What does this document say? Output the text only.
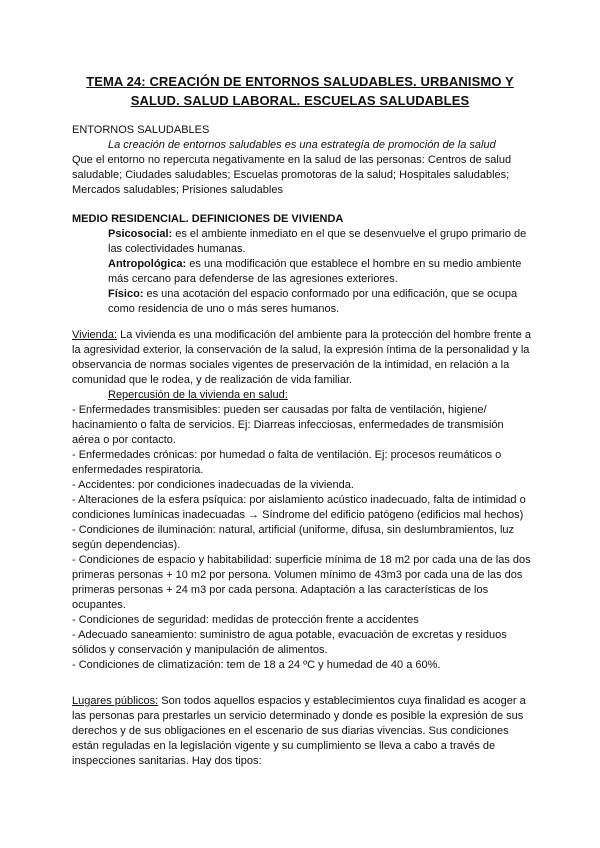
TEMA 24: CREACIÓN DE ENTORNOS SALUDABLES. URBANISMO Y SALUD. SALUD LABORAL. ESCUELAS SALUDABLES

ENTORNOS SALUDABLES

La creación de entornos saludables es una estrategía de promoción de la salud

Que el entorno no repercuta negativamente en la salud de las personas: Centros de salud saludable; Ciudades saludables; Escuelas promotoras de la salud; Hospitales saludables; Mercados saludables; Prisiones saludables

MEDIO RESIDENCIAL. DEFINICIONES DE VIVIENDA

Psicosocial: es el ambiente inmediato en el que se desenvuelve el grupo primario de las colectividades humanas.

Antropológica: es una modificación que establece el hombre en su medio ambiente más cercano para defenderse de las agresiones exteriores.

Físico: es una acotación del espacio conformado por una edificación, que se ocupa como residencia de uno o más seres humanos.

Vivienda: La vivienda es una modificación del ambiente para la protección del hombre frente a la agresividad exterior, la conservación de la salud, la expresión íntima de la personalidad y la observancia de normas sociales vigentes de preservación de la intimidad, en relación a la comunidad que le rodea, y de realización de vida familiar.

Repercusión de la vivienda en salud:

- Enfermedades transmisibles: pueden ser causadas por falta de ventilación, higiene/ hacinamiento o falta de servicios. Ej: Diarreas infecciosas, enfermedades de transmisión aérea o por contacto.

- Enfermedades crónicas: por humedad o falta de ventilación. Ej: procesos reumáticos o enfermedades respiratoria.

- Accidentes: por condiciones inadecuadas de la vivienda.

- Alteraciones de la esfera psíquica: por aislamiento acústico inadecuado, falta de intimidad o condiciones lumínicas inadecuadas → Síndrome del edificio patógeno (edificios mal hechos)

- Condiciones de iluminación: natural, artificial (uniforme, difusa, sin deslumbramientos, luz según dependencias).

- Condiciones de espacio y habitabilidad: superficie mínima de 18 m2 por cada una de las dos primeras personas + 10 m2 por persona. Volumen mínimo de 43m3 por cada una de las dos primeras personas + 24 m3 por cada persona. Adaptación a las características de los ocupantes.

- Condiciones de seguridad: medidas de protección frente a accidentes

- Adecuado saneamiento: suministro de agua potable, evacuación de excretas y residuos sólidos y conservación y manipulación de alimentos.

- Condiciones de climatización: tem de 18 a 24 ºC y humedad de 40 a 60%.

Lugares públicos: Son todos aquellos espacios y establecimientos cuya finalidad es acoger a las personas para prestarles un servicio determinado y donde es posible la expresión de sus derechos y de sus obligaciones en el escenario de sus diarias vivencias. Sus condiciones están reguladas en la legislación vigente y su cumplimiento se lleva a cabo a través de inspecciones sanitarias. Hay dos tipos:
